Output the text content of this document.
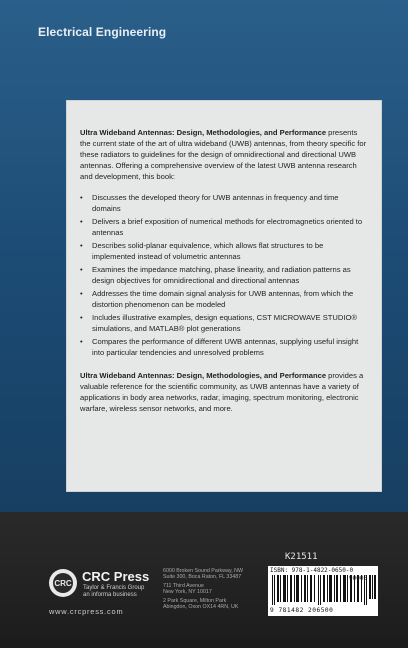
Electrical Engineering

Ultra Wideband Antennas: Design, Methodologies, and Performance presents the current state of the art of ultra wideband (UWB) antennas, from theory specific for these radiators to guidelines for the design of omnidirectional and directional UWB antennas. Offering a comprehensive overview of the latest UWB antenna research and development, this book:

• Discusses the developed theory for UWB antennas in frequency and time domains
• Delivers a brief exposition of numerical methods for electromagnetics oriented to antennas
• Describes solid-planar equivalence, which allows flat structures to be implemented instead of volumetric antennas
• Examines the impedance matching, phase linearity, and radiation patterns as design objectives for omnidirectional and directional antennas
• Addresses the time domain signal analysis for UWB antennas, from which the distortion phenomenon can be modeled
• Includes illustrative examples, design equations, CST MICROWAVE STUDIO® simulations, and MATLAB® plot generations
• Compares the performance of different UWB antennas, supplying useful insight into particular tendencies and unresolved problems

Ultra Wideband Antennas: Design, Methodologies, and Performance provides a valuable reference for the scientific community, as UWB antennas have a variety of applications in body area networks, radar, imaging, spectrum monitoring, electronic warfare, wireless sensor networks, and more.

CRC CRC Press
Taylor & Francis Group
an informa business
www.crcpress.com
6000 Broken Sound Parkway, NW
Suite 300, Boca Raton, FL 33487
711 Third Avenue
New York, NY 10017
2 Park Square, Milton Park
Abingdon, Oxon OX14 4RN, UK
K21511
ISBN: 978-1-4822-0650-0
9 781482 206500
